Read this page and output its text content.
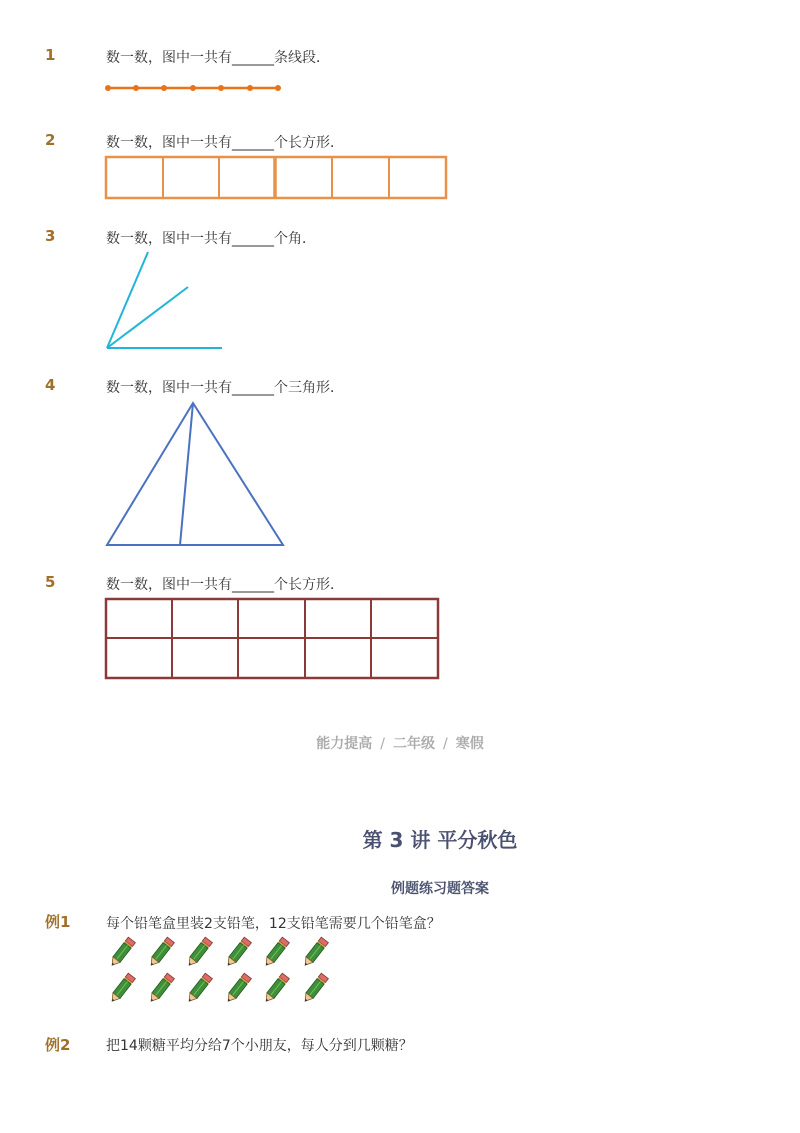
1	数一数，图中一共有______条线段．
2	数一数，图中一共有______个长方形．
3	数一数，图中一共有______个角．
4	数一数，图中一共有______个三角形．
5	数一数，图中一共有______个长方形．
能力提高 / 二年级 / 寒假
第 3 讲 平分秋色
例题练习题答案
例1	每个铅笔盒里装2支铅笔，12支铅笔需要几个铅笔盒？
例2	把14颗糖平均分给7个小朋友，每人分到几颗糖？
